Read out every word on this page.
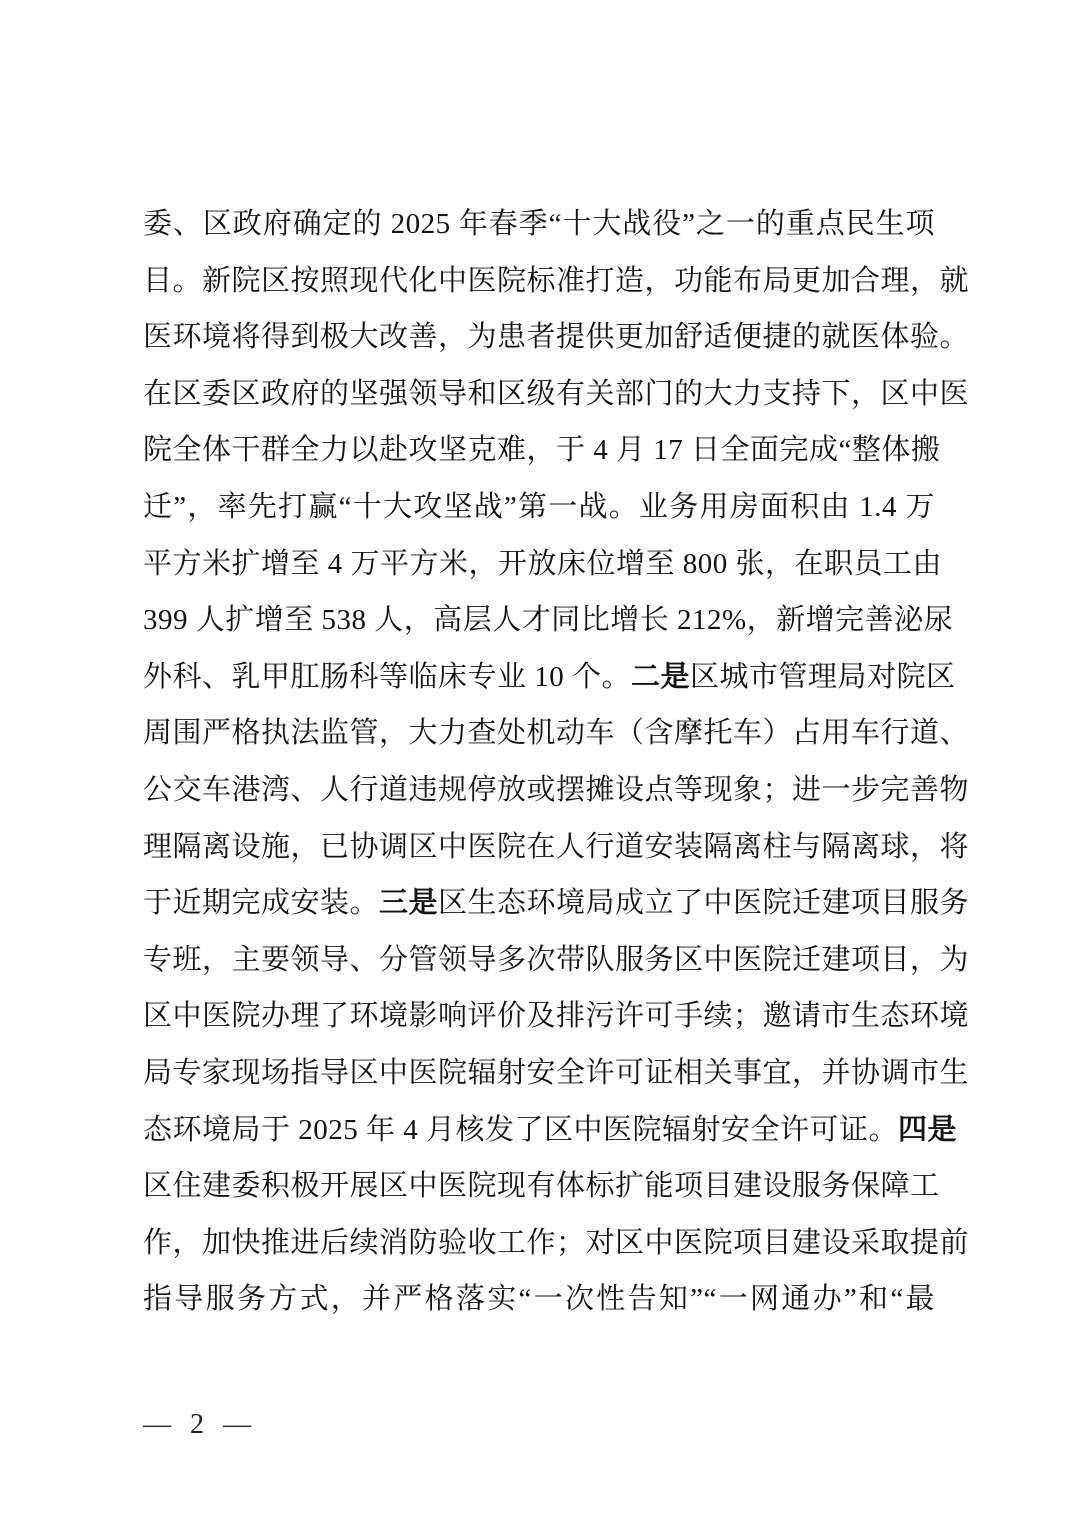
委、区政府确定的 2025 年春季“十大战役”之一的重点民生项
目。新院区按照现代化中医院标准打造，功能布局更加合理，就
医环境将得到极大改善，为患者提供更加舒适便捷的就医体验。
在区委区政府的坚强领导和区级有关部门的大力支持下，区中医
院全体干群全力以赴攻坚克难，于 4 月 17 日全面完成“整体搬
迁”，率先打赢“十大攻坚战”第一战。业务用房面积由 1.4 万
平方米扩增至 4 万平方米，开放床位增至 800 张，在职员工由
399 人扩增至 538 人，高层人才同比增长 212%，新增完善泌尿
外科、乳甲肛肠科等临床专业 10 个。二是区城市管理局对院区
周围严格执法监管，大力查处机动车（含摩托车）占用车行道、
公交车港湾、人行道违规停放或摆摊设点等现象；进一步完善物
理隔离设施，已协调区中医院在人行道安装隔离柱与隔离球，将
于近期完成安装。三是区生态环境局成立了中医院迁建项目服务
专班，主要领导、分管领导多次带队服务区中医院迁建项目，为
区中医院办理了环境影响评价及排污许可手续；邀请市生态环境
局专家现场指导区中医院辐射安全许可证相关事宜，并协调市生
态环境局于 2025 年 4 月核发了区中医院辐射安全许可证。四是
区住建委积极开展区中医院现有体标扩能项目建设服务保障工
作，加快推进后续消防验收工作；对区中医院项目建设采取提前
指导服务方式，并严格落实“一次性告知”“一网通办”和“最
— 2 —
